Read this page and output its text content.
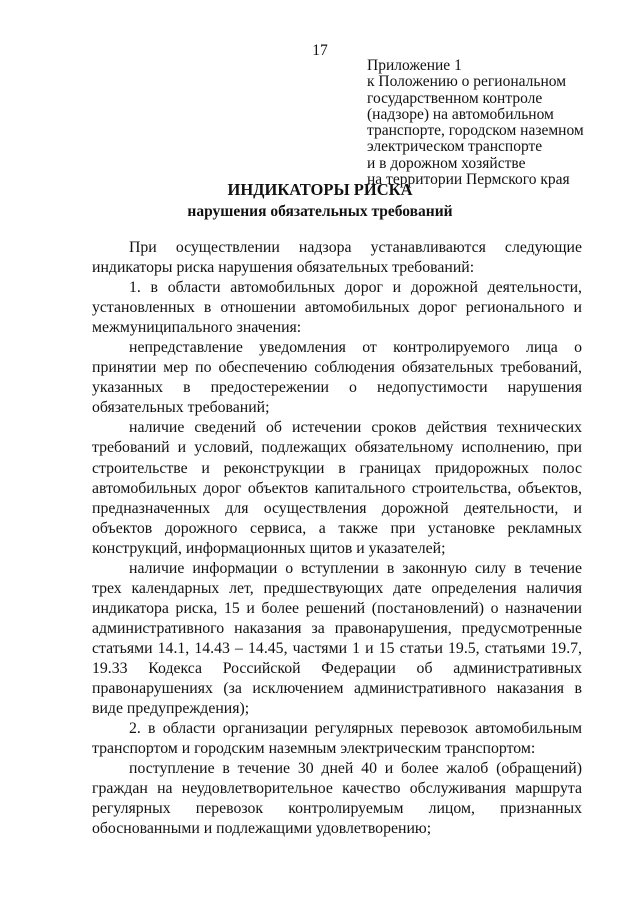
17
Приложение 1
к Положению о региональном
государственном контроле
(надзоре) на автомобильном
транспорте, городском наземном
электрическом транспорте
и в дорожном хозяйстве
на территории Пермского края
ИНДИКАТОРЫ РИСКА
нарушения обязательных требований

При осуществлении надзора устанавливаются следующие индикаторы риска нарушения обязательных требований:

1. в области автомобильных дорог и дорожной деятельности, установленных в отношении автомобильных дорог регионального и межмуниципального значения:

непредставление уведомления от контролируемого лица о принятии мер по обеспечению соблюдения обязательных требований, указанных в предостережении о недопустимости нарушения обязательных требований;

наличие сведений об истечении сроков действия технических требований и условий, подлежащих обязательному исполнению, при строительстве и реконструкции в границах придорожных полос автомобильных дорог объектов капитального строительства, объектов, предназначенных для осуществления дорожной деятельности, и объектов дорожного сервиса, а также при установке рекламных конструкций, информационных щитов и указателей;

наличие информации о вступлении в законную силу в течение трех календарных лет, предшествующих дате определения наличия индикатора риска, 15 и более решений (постановлений) о назначении административного наказания за правонарушения, предусмотренные статьями 14.1, 14.43 – 14.45, частями 1 и 15 статьи 19.5, статьями 19.7, 19.33 Кодекса Российской Федерации об административных правонарушениях (за исключением административного наказания в виде предупреждения);

2. в области организации регулярных перевозок автомобильным транспортом и городским наземным электрическим транспортом:

поступление в течение 30 дней 40 и более жалоб (обращений) граждан на неудовлетворительное качество обслуживания маршрута регулярных перевозок контролируемым лицом, признанных обоснованными и подлежащими удовлетворению;
